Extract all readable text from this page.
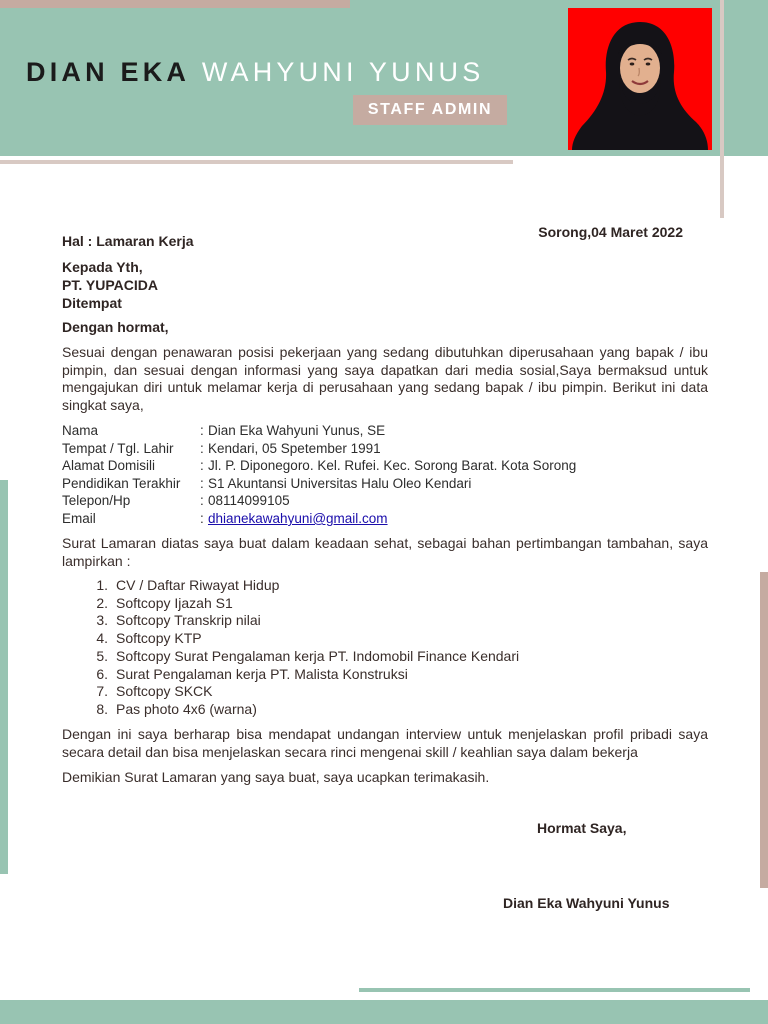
DIAN EKA WAHYUNI YUNUS
STAFF ADMIN
Sorong,04 Maret 2022
Hal : Lamaran Kerja
Kepada Yth,
PT. YUPACIDA
Ditempat
Dengan hormat,
Sesuai dengan penawaran posisi pekerjaan yang sedang dibutuhkan diperusahaan yang bapak / ibu pimpin, dan sesuai dengan informasi yang saya dapatkan dari media sosial,Saya bermaksud untuk mengajukan diri untuk melamar kerja di perusahaan yang sedang bapak / ibu pimpin. Berikut ini data singkat saya,
Nama	: Dian Eka Wahyuni Yunus, SE
Tempat / Tgl. Lahir	: Kendari, 05 Spetember 1991
Alamat Domisili	: Jl. P. Diponegoro. Kel. Rufei. Kec. Sorong Barat. Kota Sorong
Pendidikan Terakhir	: S1 Akuntansi Universitas Halu Oleo Kendari
Telepon/Hp	: 08114099105
Email	: dhianekawahyuni@gmail.com
Surat Lamaran diatas saya buat dalam keadaan sehat, sebagai bahan pertimbangan tambahan, saya lampirkan :
1. CV / Daftar Riwayat Hidup
2. Softcopy Ijazah S1
3. Softcopy Transkrip nilai
4. Softcopy KTP
5. Softcopy Surat Pengalaman kerja PT. Indomobil Finance Kendari
6. Surat Pengalaman kerja PT. Malista Konstruksi
7. Softcopy SKCK
8. Pas photo 4x6 (warna)
Dengan ini saya berharap bisa mendapat undangan interview untuk menjelaskan profil pribadi saya secara detail dan bisa menjelaskan secara rinci mengenai skill / keahlian saya dalam bekerja
Demikian Surat Lamaran yang saya buat, saya ucapkan terimakasih.
Hormat Saya,
Dian Eka Wahyuni Yunus
